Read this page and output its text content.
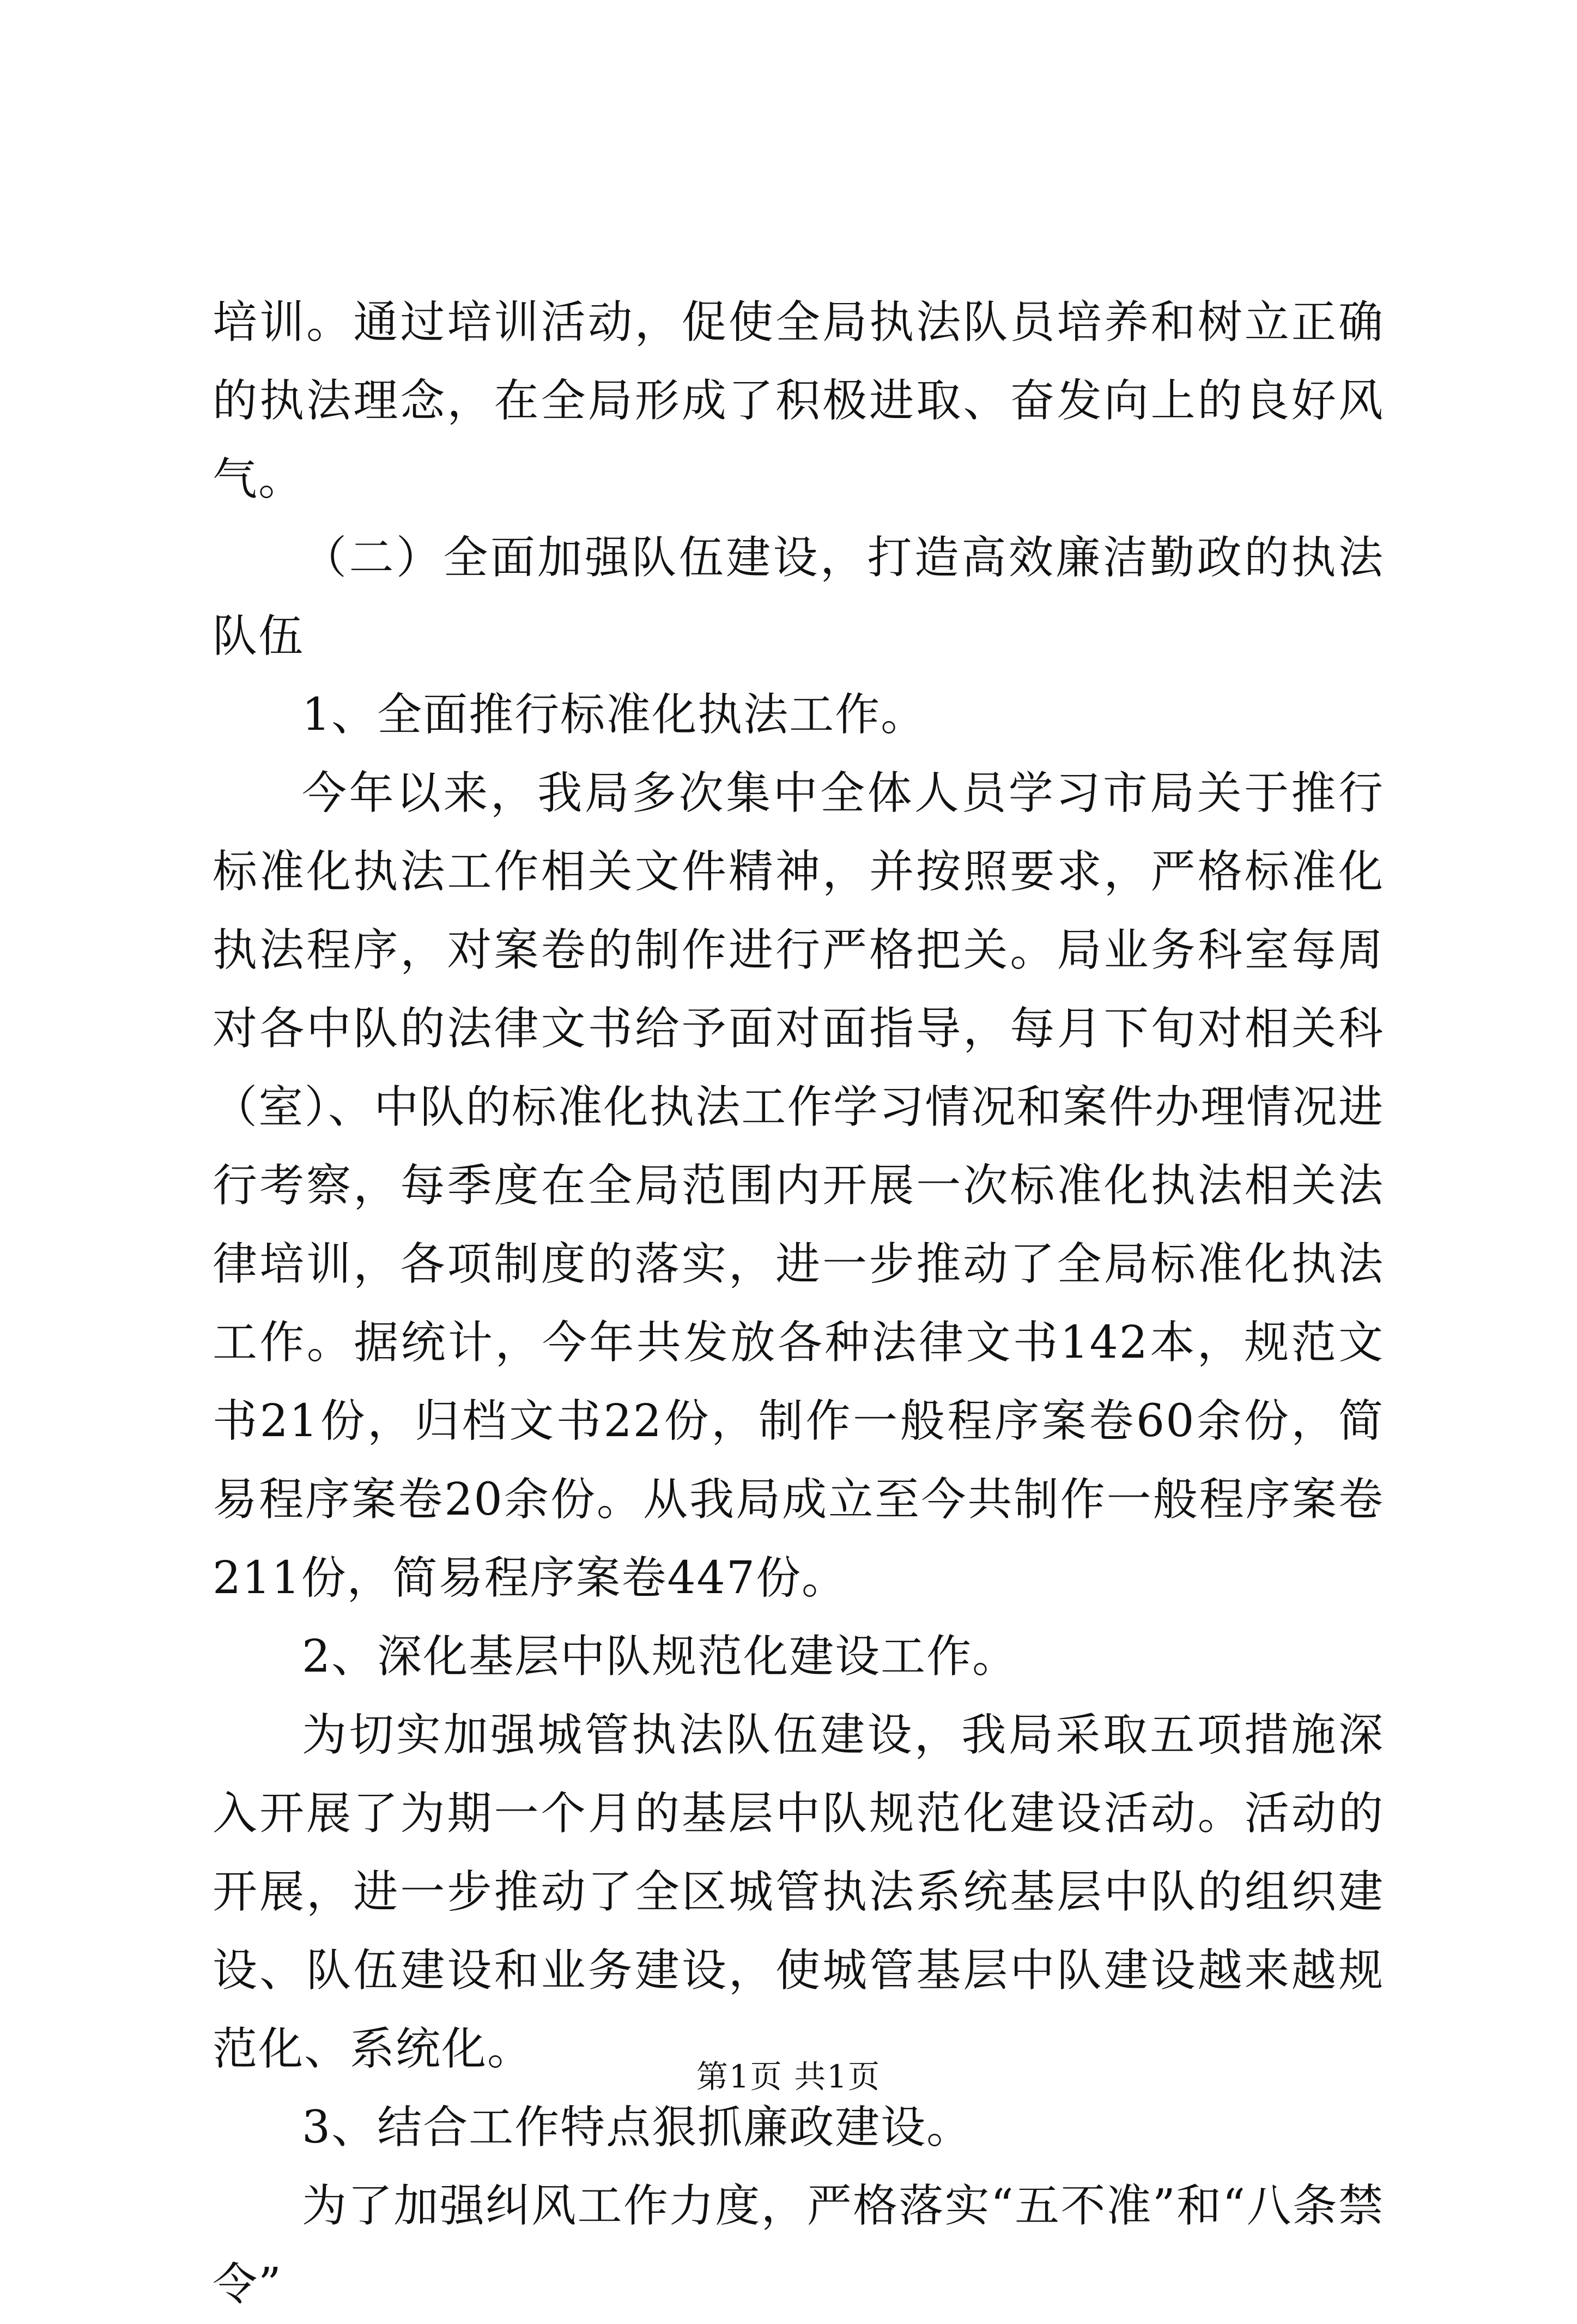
培训。通过培训活动，促使全局执法队员培养和树立正确的执法理念，在全局形成了积极进取、奋发向上的良好风气。

（二）全面加强队伍建设，打造高效廉洁勤政的执法队伍

1、全面推行标准化执法工作。

今年以来，我局多次集中全体人员学习市局关于推行标准化执法工作相关文件精神，并按照要求，严格标准化执法程序，对案卷的制作进行严格把关。局业务科室每周对各中队的法律文书给予面对面指导，每月下旬对相关科（室）、中队的标准化执法工作学习情况和案件办理情况进行考察，每季度在全局范围内开展一次标准化执法相关法律培训，各项制度的落实，进一步推动了全局标准化执法工作。据统计，今年共发放各种法律文书142本，规范文书21份，归档文书22份，制作一般程序案卷60余份，简易程序案卷20余份。从我局成立至今共制作一般程序案卷211份，简易程序案卷447份。

2、深化基层中队规范化建设工作。

为切实加强城管执法队伍建设，我局采取五项措施深入开展了为期一个月的基层中队规范化建设活动。活动的开展，进一步推动了全区城管执法系统基层中队的组织建设、队伍建设和业务建设，使城管基层中队建设越来越规范化、系统化。

3、结合工作特点狠抓廉政建设。

为了加强纠风工作力度，严格落实“五不准”和“八条禁令”

第1页 共1页
